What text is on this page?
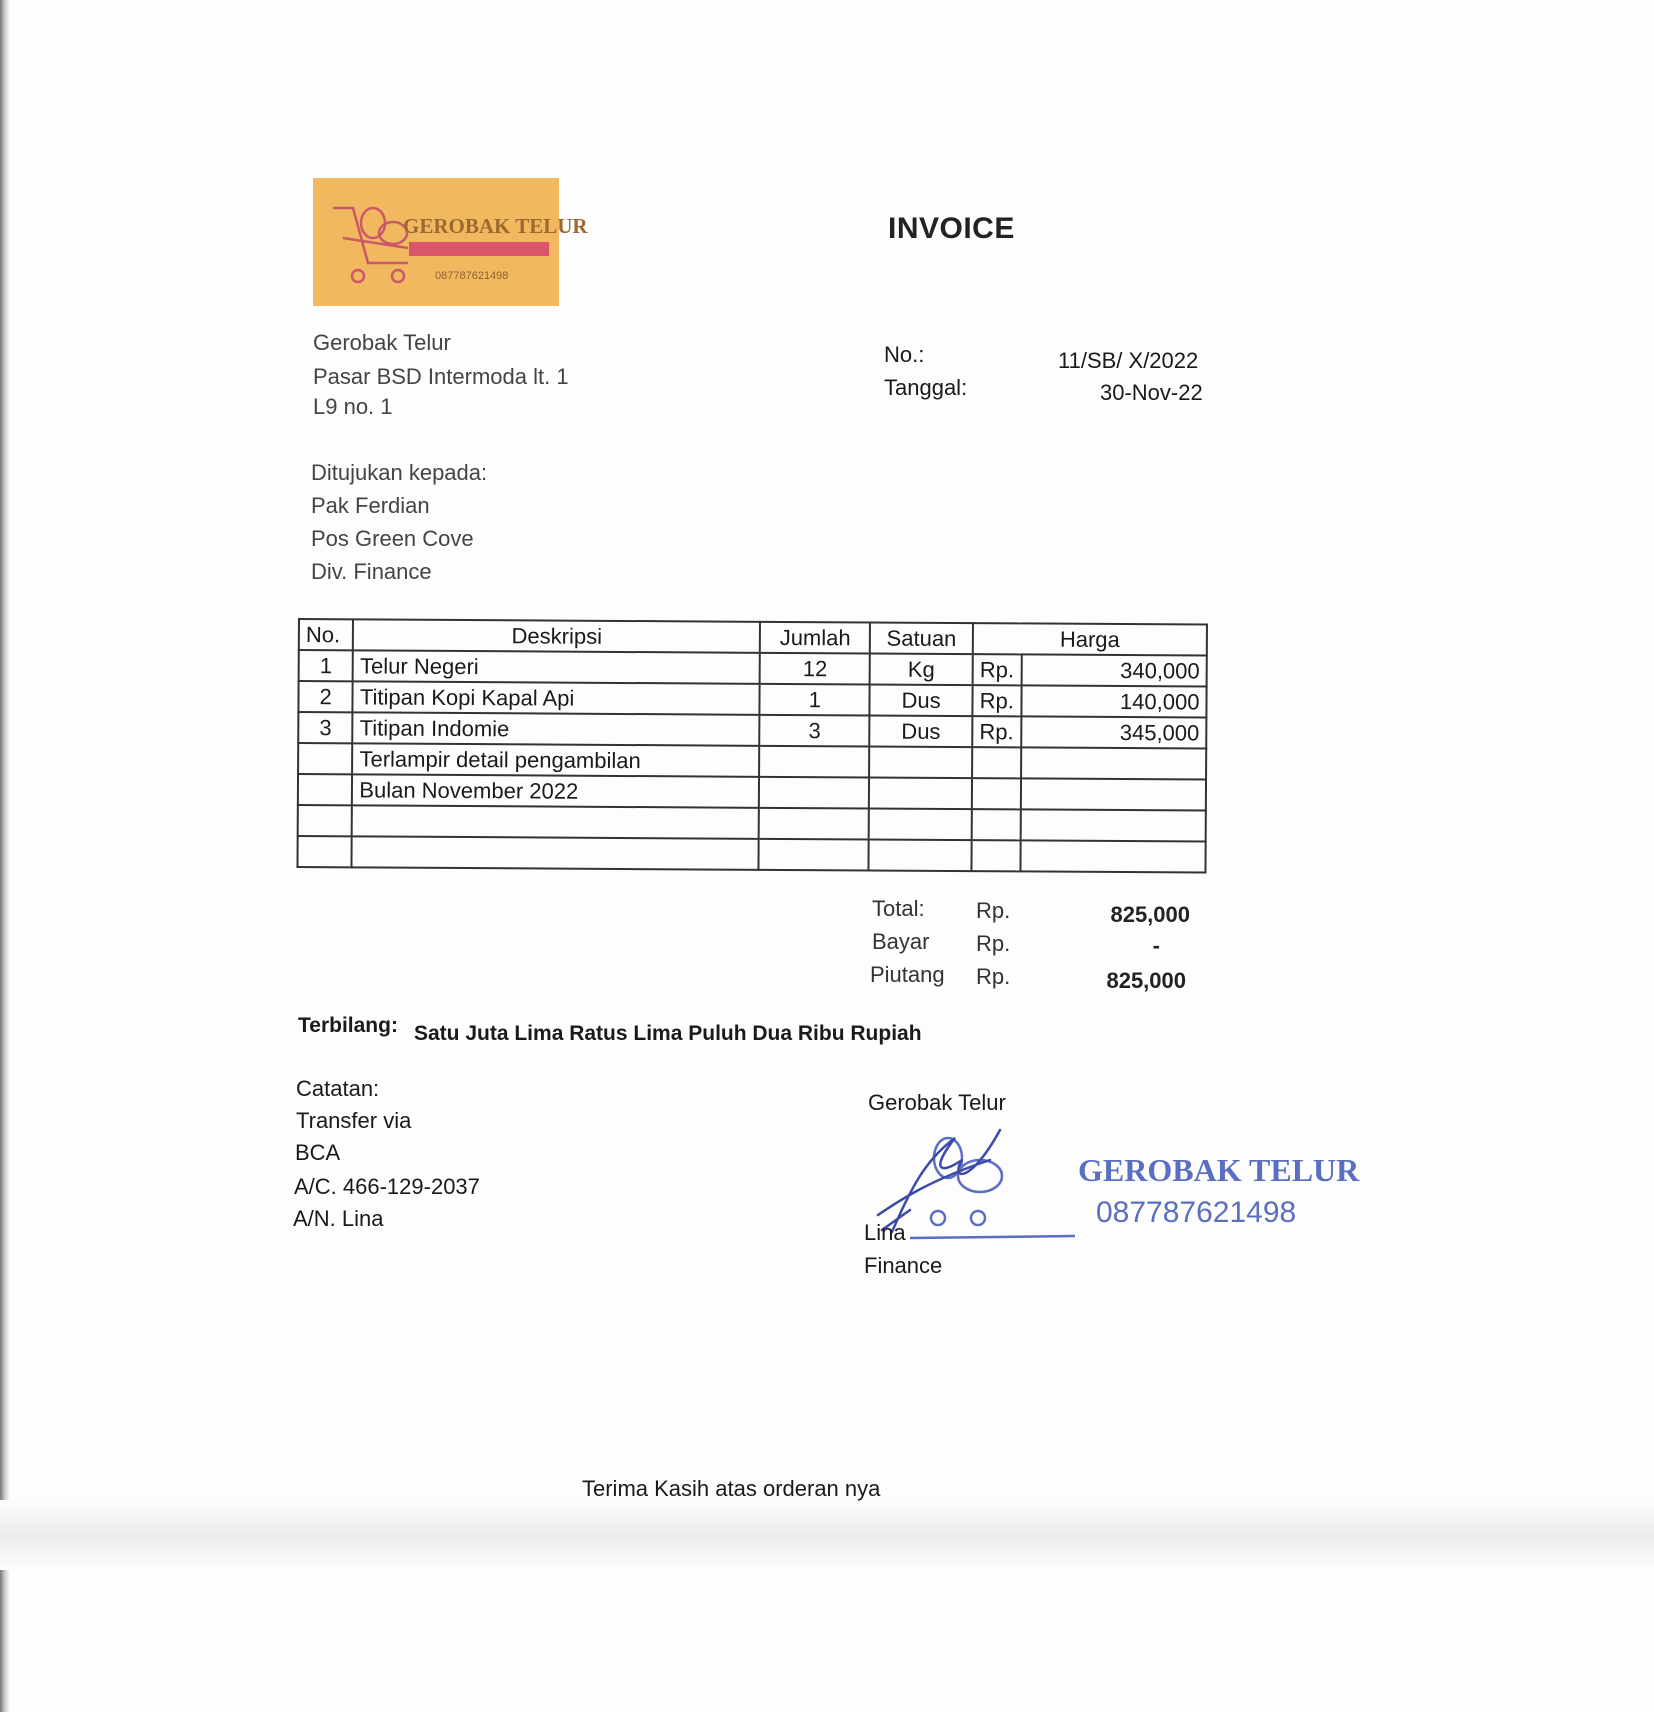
GEROBAK TELUR
087787621498
INVOICE
Gerobak Telur
Pasar BSD Intermoda lt. 1
L9 no. 1
No.:	11/SB/ X/2022
Tanggal:	30-Nov-22
Ditujukan kepada:
Pak Ferdian
Pos Green Cove
Div. Finance
No.	Deskripsi	Jumlah	Satuan	Harga	
1	Telur Negeri	12	Kg	Rp.	340,000
2	Titipan Kopi Kapal Api	1	Dus	Rp.	140,000
3	Titipan Indomie	3	Dus	Rp.	345,000
	Terlampir detail pengambilan				
	Bulan November 2022				

Total: Rp.	825,000
Bayar Rp.	-
Piutang Rp.	825,000
Terbilang: Satu Juta Lima Ratus Lima Puluh Dua Ribu Rupiah
Catatan:
Transfer via
BCA
A/C. 466-129-2037
A/N. Lina
Gerobak Telur
GEROBAK TELUR
087787621498
Lina
Finance
Terima Kasih atas orderan nya
